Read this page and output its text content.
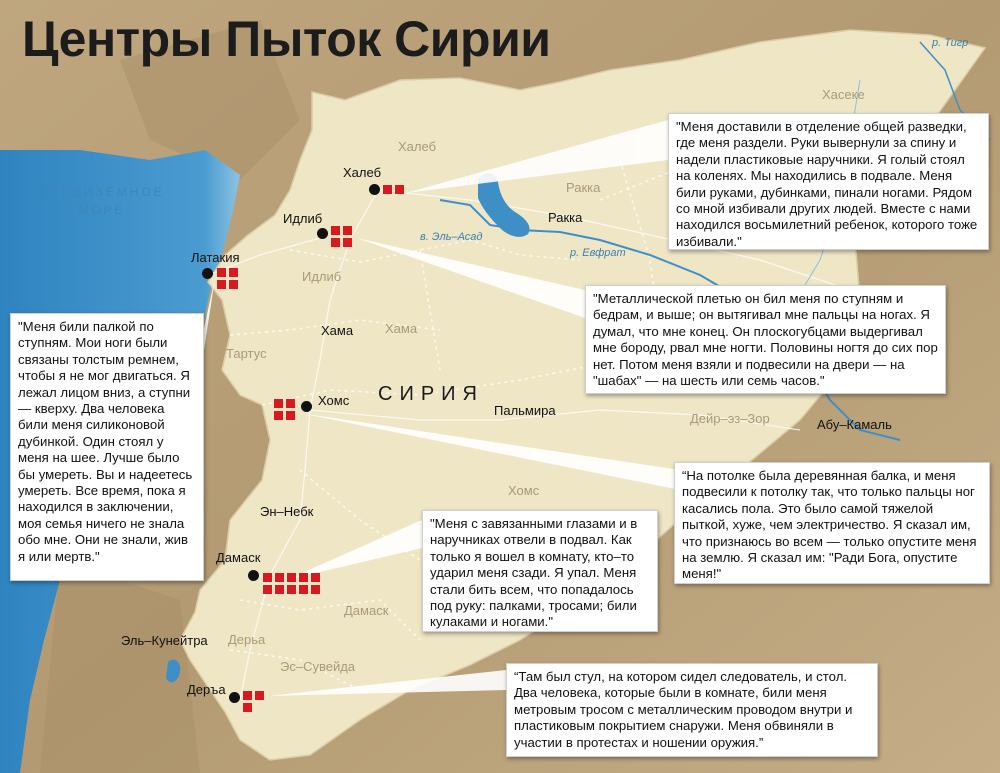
Центры Пыток Сирии
СРЕДИЗЕМНОЕ МОРЕ
СИРИЯ
р. Тигр
р. Евфрат
в. Эль–Асад
Хасеке
Халеб
Ракка
Идлиб
Хама
Тартус
Дейр–эз–Зор
Хомс
Дамаск
Дерьа
Эс–Сувейда
Халеб
Идлиб
Латакия
Хама
Хомс
Ракка
Пальмира
Абу–Камаль
Эн–Небк
Дамаск
Эль–Кунейтра
Деръа
"Меня доставили в отделение общей разведки, где меня раздели. Руки вывернули за спину и надели пластиковые наручники. Я голый стоял на коленях. Мы находились в подвале. Меня били руками, дубинками, пинали ногами. Рядом со мной избивали других людей. Вместе с нами находился восьмилетний ребенок, которого тоже избивали."
"Металлической плетью он бил меня по ступням и бедрам, и выше; он вытягивал мне пальцы на ногах. Я думал, что мне конец. Он плоскогубцами выдергивал мне бороду, рвал мне ногти. Половины ногтя до сих пор нет. Потом меня взяли и подвесили на двери — на "шабах" — на шесть или семь часов."
"Меня били палкой по ступням. Мои ноги были связаны толстым ремнем, чтобы я не мог двигаться. Я лежал лицом вниз, а ступни — кверху. Два человека били меня силиконовой дубинкой. Один стоял у меня на шее. Лучше было бы умереть. Вы и надеетесь умереть. Все время, пока я находился в заключении, моя семья ничего не знала обо мне. Они не знали, жив я или мертв."
“На потолке была деревянная балка, и меня подвесили к потолку так, что только пальцы ног касались пола. Это было самой тяжелой пыткой, хуже, чем электричество. Я сказал им, что признаюсь во всем — только опустите меня на землю. Я сказал им: "Ради Бога, опустите меня!"
"Меня с завязанными глазами и в наручниках отвели в подвал. Как только я вошел в комнату, кто–то ударил меня сзади. Я упал. Меня стали бить всем, что попадалось под руку: палками, тросами; били кулаками и ногами."
“Там был стул, на котором сидел следователь, и стол. Два человека, которые были в комнате, били меня метровым тросом с металлическим проводом внутри и пластиковым покрытием снаружи. Меня обвиняли в участии в протестах и ношении оружия.”
